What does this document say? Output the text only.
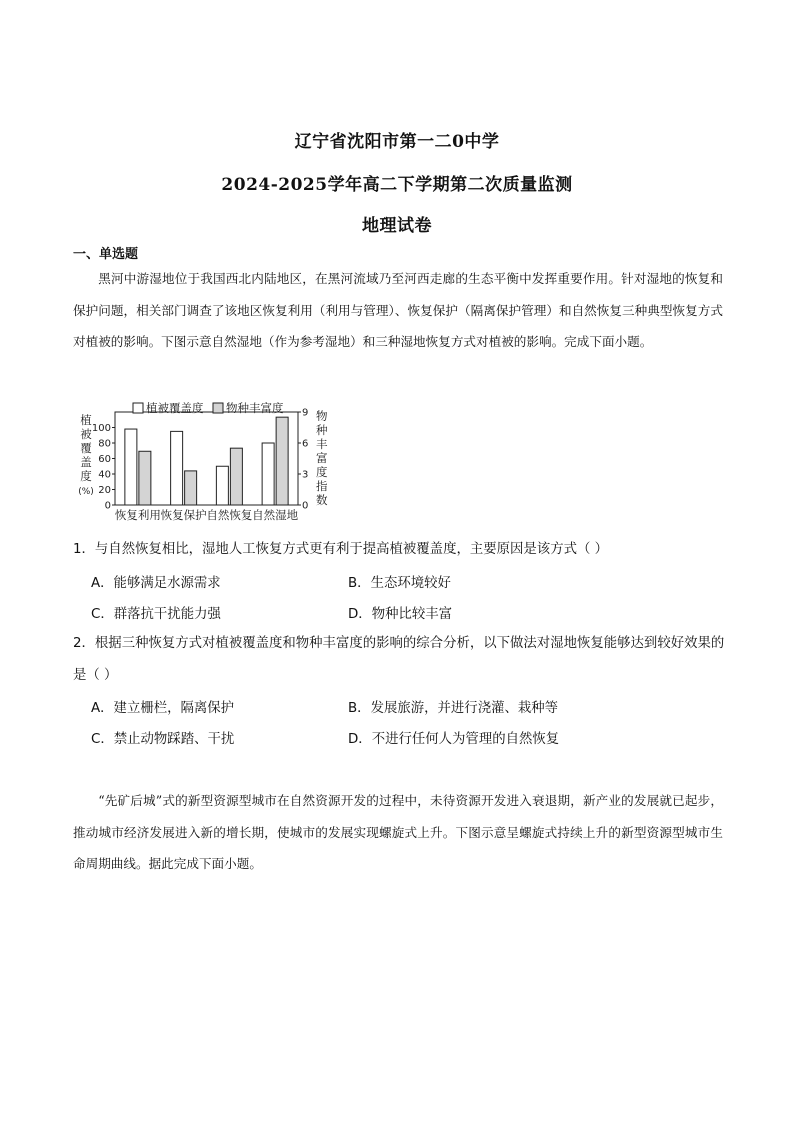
辽宁省沈阳市第一二0中学
2024-2025学年高二下学期第二次质量监测
地理试卷
一、单选题

黑河中游湿地位于我国西北内陆地区，在黑河流域乃至河西走廊的生态平衡中发挥重要作用。针对湿地的恢复和保护问题，相关部门调查了该地区恢复利用（利用与管理）、恢复保护（隔离保护管理）和自然恢复三种典型恢复方式对植被的影响。下图示意自然湿地（作为参考湿地）和三种湿地恢复方式对植被的影响。完成下面小题。

0
20
40
60
80
100
0
3
6
9
植
被
覆
盖
度
(%)
物
种
丰
富
度
指
数
恢复利用 恢复保护 自然恢复 自然湿地
植被覆盖度 物种丰富度
1．与自然恢复相比，湿地人工恢复方式更有利于提高植被覆盖度，主要原因是该方式（ ）
A．能够满足水源需求	B．生态环境较好
C．群落抗干扰能力强	D．物种比较丰富
2．根据三种恢复方式对植被覆盖度和物种丰富度的影响的综合分析，以下做法对湿地恢复能够达到较好效果的是（ ）
A．建立栅栏，隔离保护	B．发展旅游，并进行浇灌、栽种等
C．禁止动物踩踏、干扰	D．不进行任何人为管理的自然恢复

“先矿后城”式的新型资源型城市在自然资源开发的过程中，未待资源开发进入衰退期，新产业的发展就已起步，推动城市经济发展进入新的增长期，使城市的发展实现螺旋式上升。下图示意呈螺旋式持续上升的新型资源型城市生命周期曲线。据此完成下面小题。
